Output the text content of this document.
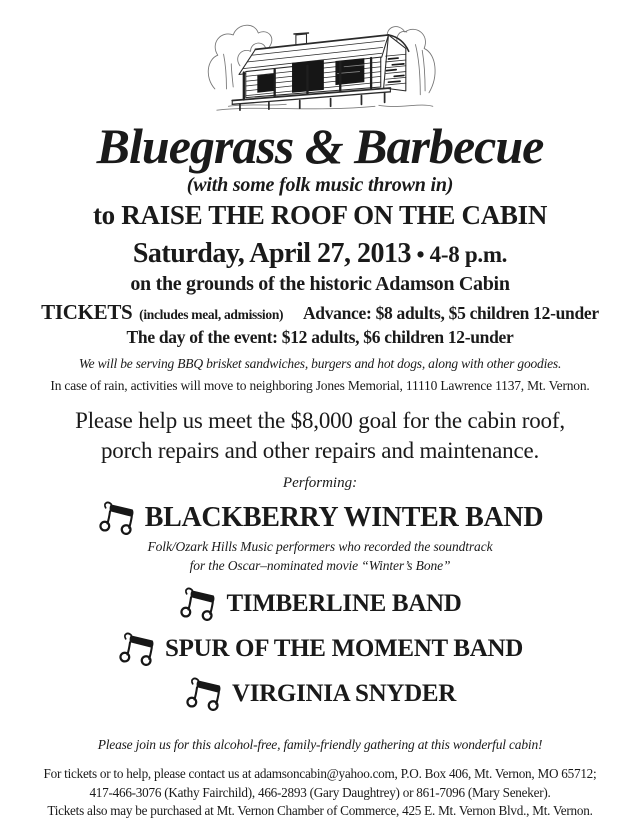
Bluegrass & Barbecue
(with some folk music thrown in)
to RAISE THE ROOF ON THE CABIN
Saturday, April 27, 2013 • 4-8 p.m.
on the grounds of the historic Adamson Cabin
TICKETS (includes meal, admission) Advance: $8 adults, $5 children 12-under
The day of the event: $12 adults, $6 children 12-under
We will be serving BBQ brisket sandwiches, burgers and hot dogs, along with other goodies.
In case of rain, activities will move to neighboring Jones Memorial, 11110 Lawrence 1137, Mt. Vernon.
Please help us meet the $8,000 goal for the cabin roof,
porch repairs and other repairs and maintenance.
Performing:
BLACKBERRY WINTER BAND
Folk/Ozark Hills Music performers who recorded the soundtrack
for the Oscar–nominated movie “Winter’s Bone”
TIMBERLINE BAND
SPUR OF THE MOMENT BAND
VIRGINIA SNYDER
Please join us for this alcohol-free, family-friendly gathering at this wonderful cabin!
For tickets or to help, please contact us at adamsoncabin@yahoo.com, P.O. Box 406, Mt. Vernon, MO 65712;
417-466-3076 (Kathy Fairchild), 466-2893 (Gary Daughtrey) or 861-7096 (Mary Seneker).
Tickets also may be purchased at Mt. Vernon Chamber of Commerce, 425 E. Mt. Vernon Blvd., Mt. Vernon.
